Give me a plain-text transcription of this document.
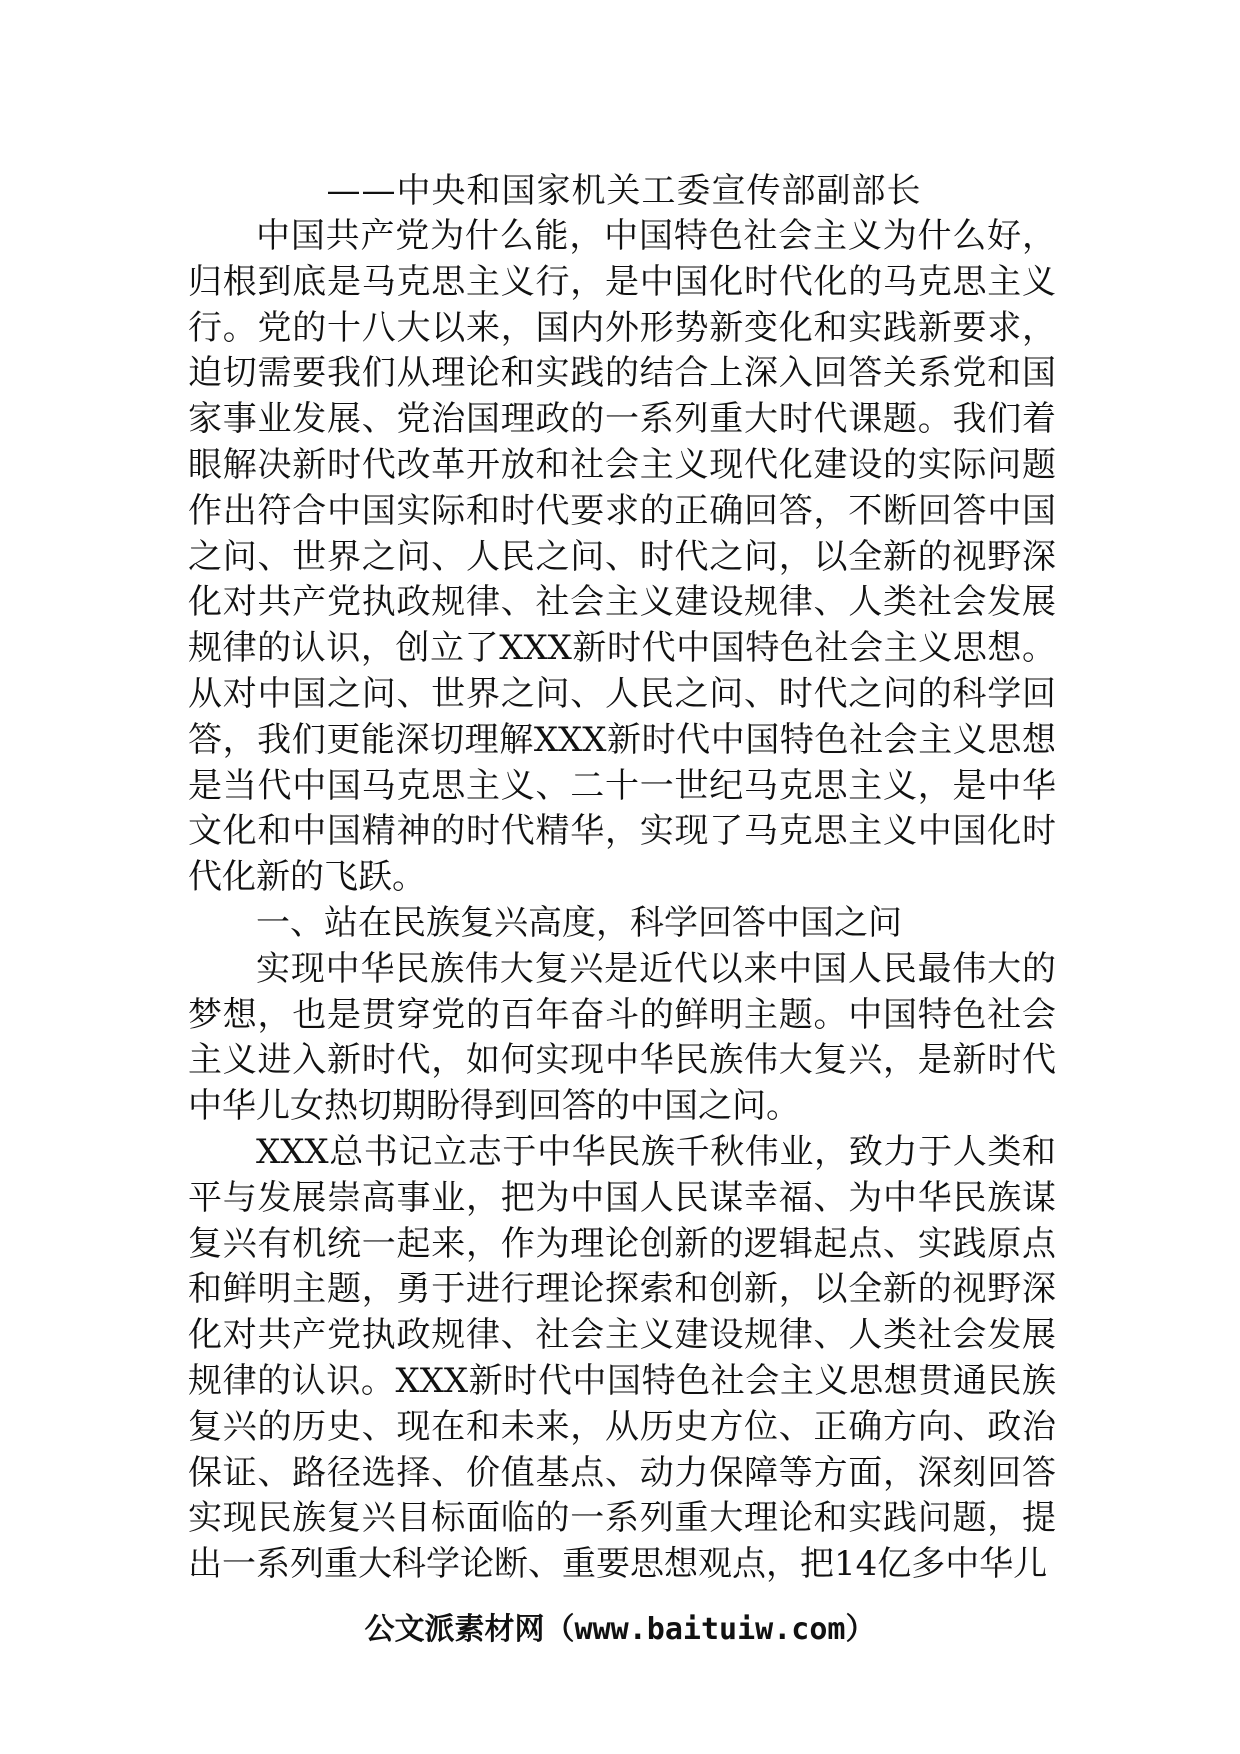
——中央和国家机关工委宣传部副部长

中国共产党为什么能，中国特色社会主义为什么好，归根到底是马克思主义行，是中国化时代化的马克思主义行。党的十八大以来，国内外形势新变化和实践新要求，迫切需要我们从理论和实践的结合上深入回答关系党和国家事业发展、党治国理政的一系列重大时代课题。我们着眼解决新时代改革开放和社会主义现代化建设的实际问题作出符合中国实际和时代要求的正确回答，不断回答中国之问、世界之问、人民之问、时代之问，以全新的视野深化对共产党执政规律、社会主义建设规律、人类社会发展规律的认识，创立了XXX新时代中国特色社会主义思想。从对中国之问、世界之问、人民之问、时代之问的科学回答，我们更能深切理解XXX新时代中国特色社会主义思想是当代中国马克思主义、二十一世纪马克思主义，是中华文化和中国精神的时代精华，实现了马克思主义中国化时代化新的飞跃。

一、站在民族复兴高度，科学回答中国之问

实现中华民族伟大复兴是近代以来中国人民最伟大的梦想，也是贯穿党的百年奋斗的鲜明主题。中国特色社会主义进入新时代，如何实现中华民族伟大复兴，是新时代中华儿女热切期盼得到回答的中国之问。

XXX总书记立志于中华民族千秋伟业，致力于人类和平与发展崇高事业，把为中国人民谋幸福、为中华民族谋复兴有机统一起来，作为理论创新的逻辑起点、实践原点和鲜明主题，勇于进行理论探索和创新，以全新的视野深化对共产党执政规律、社会主义建设规律、人类社会发展规律的认识。XXX新时代中国特色社会主义思想贯通民族复兴的历史、现在和未来，从历史方位、正确方向、政治保证、路径选择、价值基点、动力保障等方面，深刻回答实现民族复兴目标面临的一系列重大理论和实践问题，提出一系列重大科学论断、重要思想观点，把14亿多中华儿

公文派素材网（www.baituiw.com）
